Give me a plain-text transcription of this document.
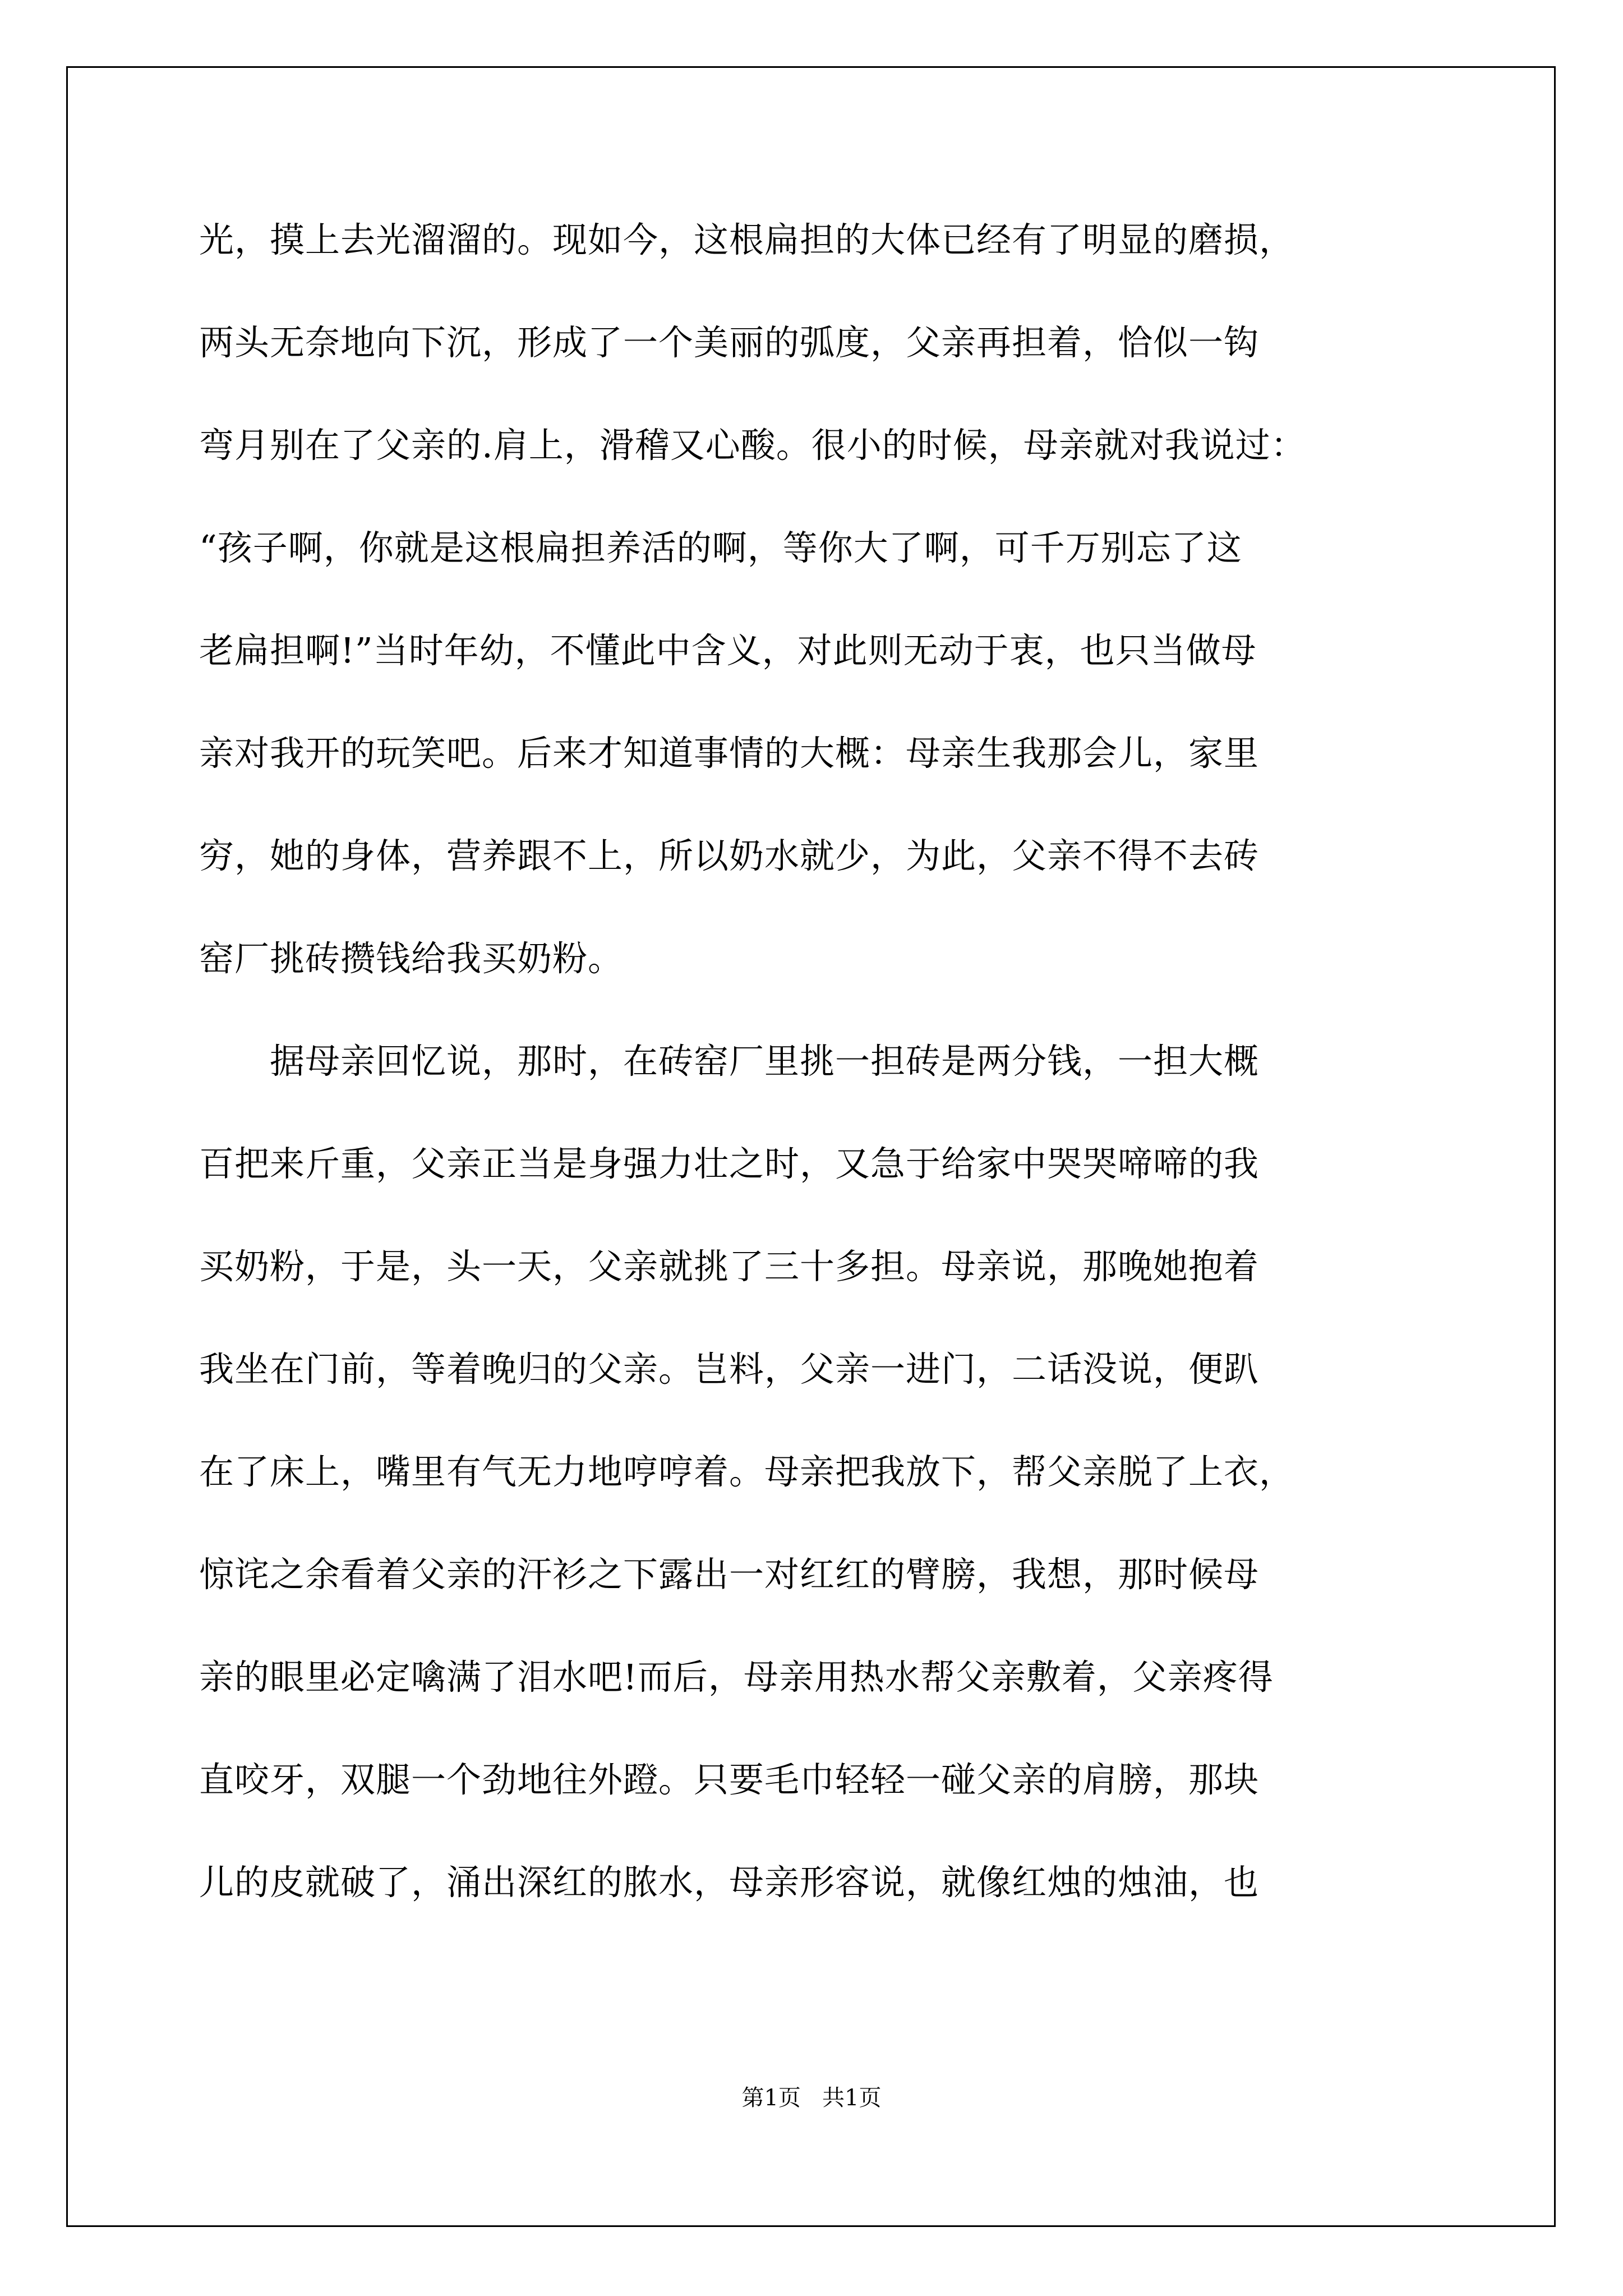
光，摸上去光溜溜的。现如今，这根扁担的大体已经有了明显的磨损，
两头无奈地向下沉，形成了一个美丽的弧度，父亲再担着，恰似一钩
弯月别在了父亲的.肩上，滑稽又心酸。很小的时候，母亲就对我说过：
“孩子啊，你就是这根扁担养活的啊，等你大了啊，可千万别忘了这
老扁担啊!”当时年幼，不懂此中含义，对此则无动于衷，也只当做母
亲对我开的玩笑吧。后来才知道事情的大概：母亲生我那会儿，家里
穷，她的身体，营养跟不上，所以奶水就少，为此，父亲不得不去砖
窑厂挑砖攒钱给我买奶粉。
　　据母亲回忆说，那时，在砖窑厂里挑一担砖是两分钱，一担大概
百把来斤重，父亲正当是身强力壮之时，又急于给家中哭哭啼啼的我
买奶粉，于是，头一天，父亲就挑了三十多担。母亲说，那晚她抱着
我坐在门前，等着晚归的父亲。岂料，父亲一进门，二话没说，便趴
在了床上，嘴里有气无力地哼哼着。母亲把我放下，帮父亲脱了上衣，
惊诧之余看着父亲的汗衫之下露出一对红红的臂膀，我想，那时候母
亲的眼里必定噙满了泪水吧!而后，母亲用热水帮父亲敷着，父亲疼得
直咬牙，双腿一个劲地往外蹬。只要毛巾轻轻一碰父亲的肩膀，那块
儿的皮就破了，涌出深红的脓水，母亲形容说，就像红烛的烛油，也
第1页   共1页
